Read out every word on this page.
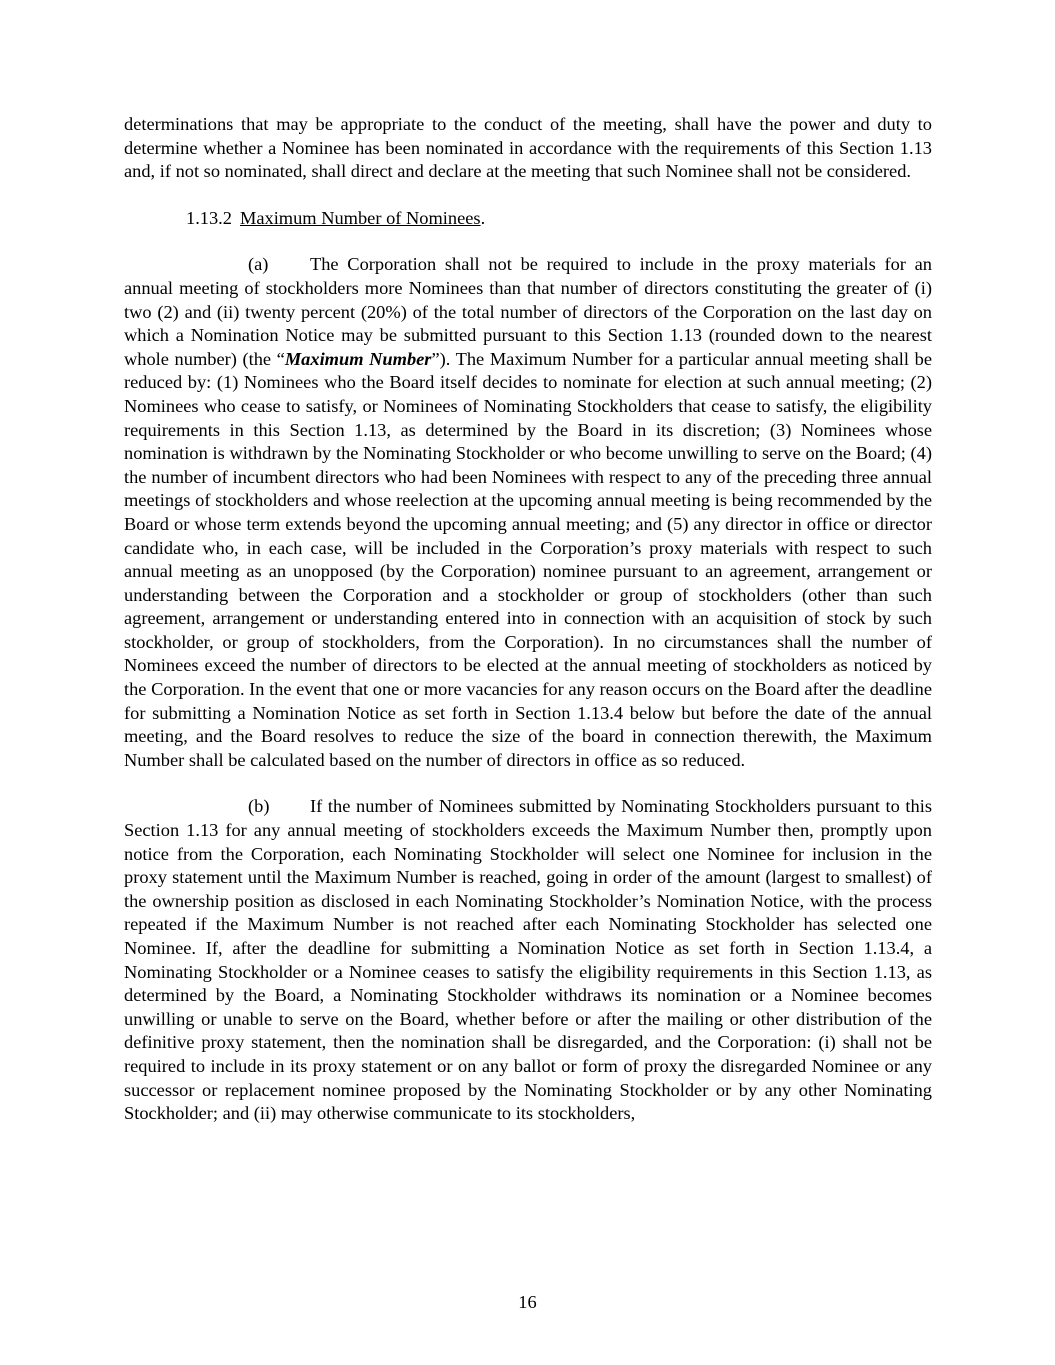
determinations that may be appropriate to the conduct of the meeting, shall have the power and duty to determine whether a Nominee has been nominated in accordance with the requirements of this Section 1.13 and, if not so nominated, shall direct and declare at the meeting that such Nominee shall not be considered.

1.13.2 Maximum Number of Nominees.

(a) The Corporation shall not be required to include in the proxy materials for an annual meeting of stockholders more Nominees than that number of directors constituting the greater of (i) two (2) and (ii) twenty percent (20%) of the total number of directors of the Corporation on the last day on which a Nomination Notice may be submitted pursuant to this Section 1.13 (rounded down to the nearest whole number) (the “Maximum Number”). The Maximum Number for a particular annual meeting shall be reduced by: (1) Nominees who the Board itself decides to nominate for election at such annual meeting; (2) Nominees who cease to satisfy, or Nominees of Nominating Stockholders that cease to satisfy, the eligibility requirements in this Section 1.13, as determined by the Board in its discretion; (3) Nominees whose nomination is withdrawn by the Nominating Stockholder or who become unwilling to serve on the Board; (4) the number of incumbent directors who had been Nominees with respect to any of the preceding three annual meetings of stockholders and whose reelection at the upcoming annual meeting is being recommended by the Board or whose term extends beyond the upcoming annual meeting; and (5) any director in office or director candidate who, in each case, will be included in the Corporation’s proxy materials with respect to such annual meeting as an unopposed (by the Corporation) nominee pursuant to an agreement, arrangement or understanding between the Corporation and a stockholder or group of stockholders (other than such agreement, arrangement or understanding entered into in connection with an acquisition of stock by such stockholder, or group of stockholders, from the Corporation). In no circumstances shall the number of Nominees exceed the number of directors to be elected at the annual meeting of stockholders as noticed by the Corporation. In the event that one or more vacancies for any reason occurs on the Board after the deadline for submitting a Nomination Notice as set forth in Section 1.13.4 below but before the date of the annual meeting, and the Board resolves to reduce the size of the board in connection therewith, the Maximum Number shall be calculated based on the number of directors in office as so reduced.

(b) If the number of Nominees submitted by Nominating Stockholders pursuant to this Section 1.13 for any annual meeting of stockholders exceeds the Maximum Number then, promptly upon notice from the Corporation, each Nominating Stockholder will select one Nominee for inclusion in the proxy statement until the Maximum Number is reached, going in order of the amount (largest to smallest) of the ownership position as disclosed in each Nominating Stockholder’s Nomination Notice, with the process repeated if the Maximum Number is not reached after each Nominating Stockholder has selected one Nominee. If, after the deadline for submitting a Nomination Notice as set forth in Section 1.13.4, a Nominating Stockholder or a Nominee ceases to satisfy the eligibility requirements in this Section 1.13, as determined by the Board, a Nominating Stockholder withdraws its nomination or a Nominee becomes unwilling or unable to serve on the Board, whether before or after the mailing or other distribution of the definitive proxy statement, then the nomination shall be disregarded, and the Corporation: (i) shall not be required to include in its proxy statement or on any ballot or form of proxy the disregarded Nominee or any successor or replacement nominee proposed by the Nominating Stockholder or by any other Nominating Stockholder; and (ii) may otherwise communicate to its stockholders,

16
